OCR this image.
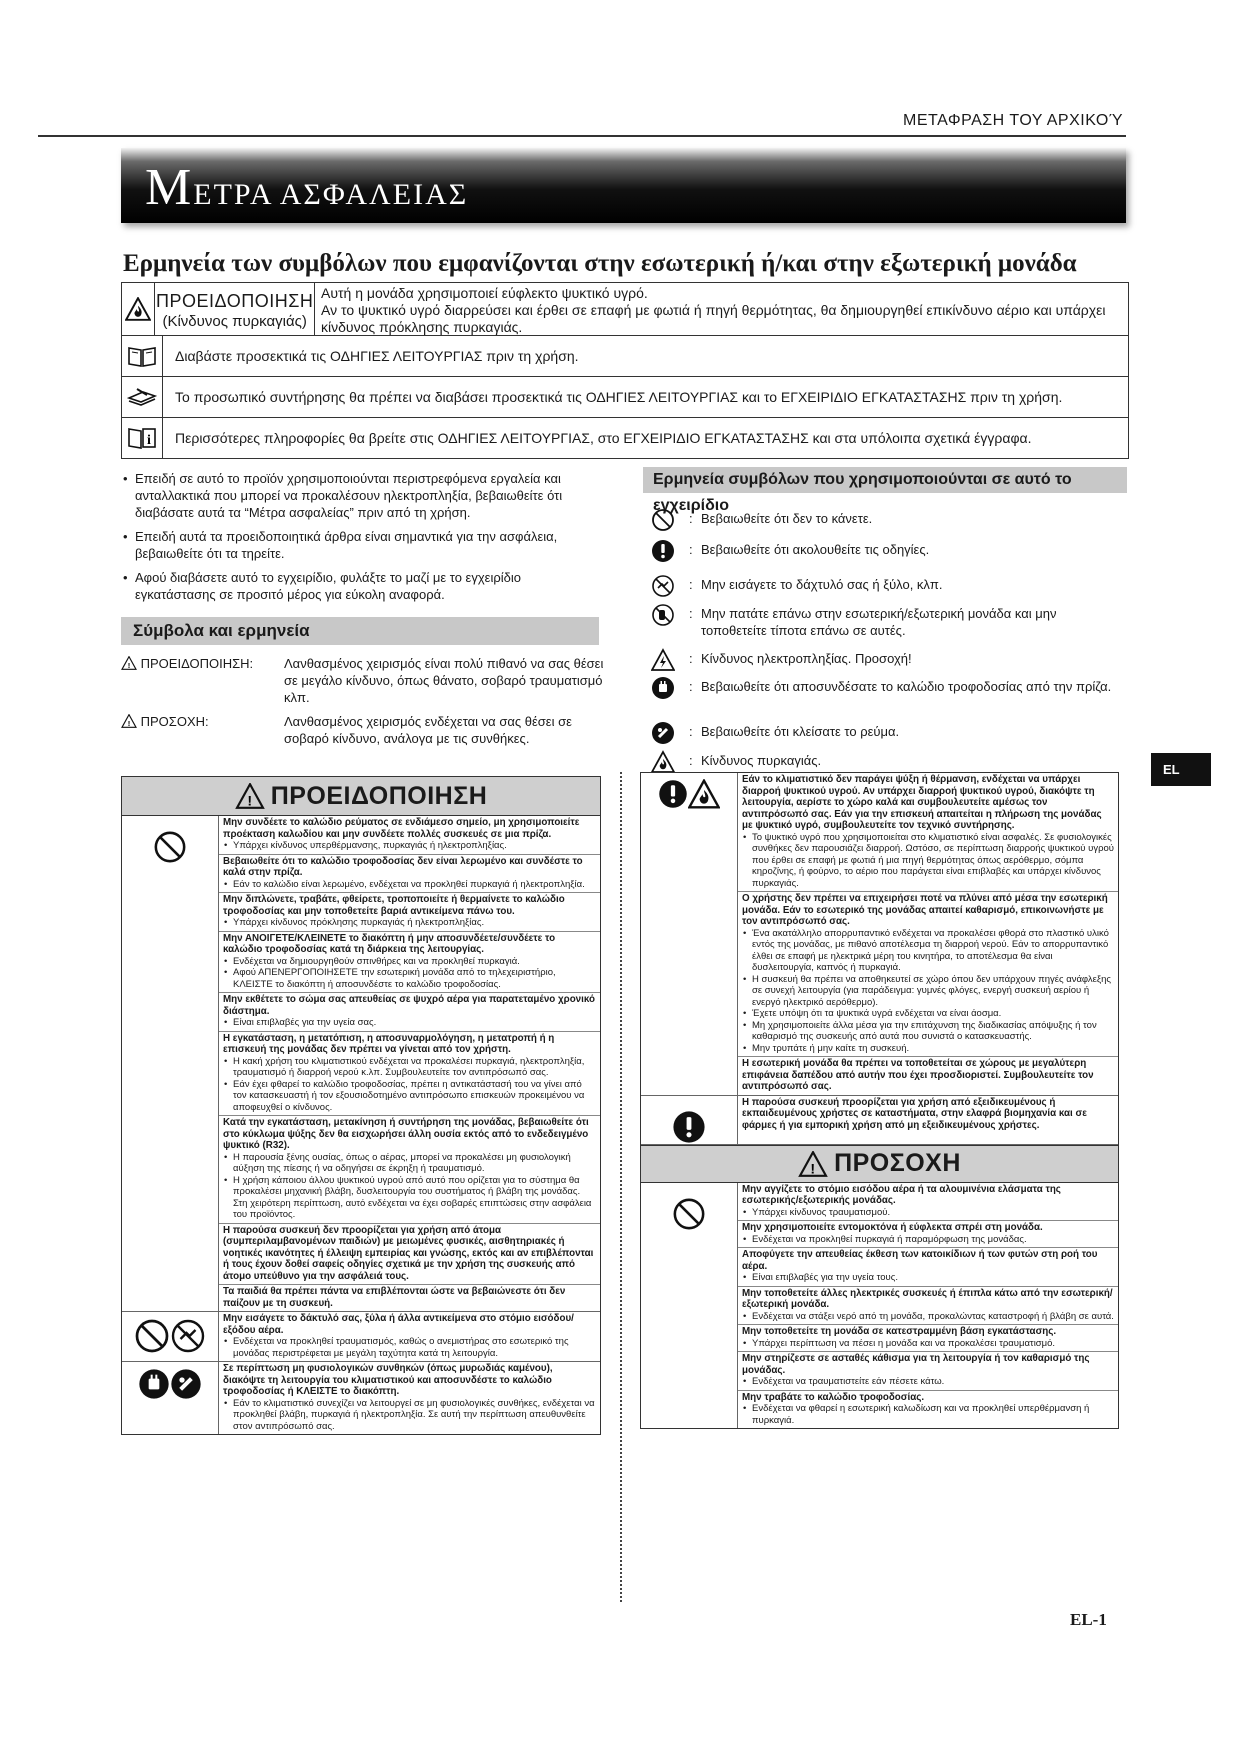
ΜΕΤΑΦΡΑΣΗ ΤΟΥ ΑΡΧΙΚΟΎ
ΜΕΤΡΑ ΑΣΦΑΛΕΙΑΣ
Ερμηνεία των συμβόλων που εμφανίζονται στην εσωτερική ή/και στην εξωτερική μονάδα
ΠΡΟΕΙΔΟΠΟΙΗΣΗ
(Κίνδυνος πυρκαγιάς)
Αυτή η μονάδα χρησιμοποιεί εύφλεκτο ψυκτικό υγρό.
Αν το ψυκτικό υγρό διαρρεύσει και έρθει σε επαφή με φωτιά ή πηγή θερμότητας, θα δημιουργηθεί επικίνδυνο αέριο και υπάρχει κίνδυνος πρόκλησης πυρκαγιάς.
Διαβάστε προσεκτικά τις ΟΔΗΓΙΕΣ ΛΕΙΤΟΥΡΓΙΑΣ πριν τη χρήση.
Το προσωπικό συντήρησης θα πρέπει να διαβάσει προσεκτικά τις ΟΔΗΓΙΕΣ ΛΕΙΤΟΥΡΓΙΑΣ και το ΕΓΧΕΙΡΙΔΙΟ ΕΓΚΑΤΑΣΤΑΣΗΣ πριν τη χρήση.
Περισσότερες πληροφορίες θα βρείτε στις ΟΔΗΓΙΕΣ ΛΕΙΤΟΥΡΓΙΑΣ, στο ΕΓΧΕΙΡΙΔΙΟ ΕΓΚΑΤΑΣΤΑΣΗΣ και στα υπόλοιπα σχετικά έγγραφα.
• Επειδή σε αυτό το προϊόν χρησιμοποιούνται περιστρεφόμενα εργαλεία και ανταλλακτικά που μπορεί να προκαλέσουν ηλεκτροπληξία, βεβαιωθείτε ότι διαβάσατε αυτά τα “Μέτρα ασφαλείας” πριν από τη χρήση.
• Επειδή αυτά τα προειδοποιητικά άρθρα είναι σημαντικά για την ασφάλεια, βεβαιωθείτε ότι τα τηρείτε.
• Αφού διαβάσετε αυτό το εγχειρίδιο, φυλάξτε το μαζί με το εγχειρίδιο εγκατάστασης σε προσιτό μέρος για εύκολη αναφορά.
Σύμβολα και ερμηνεία
ΠΡΟΕΙΔΟΠΟΙΗΣΗ:	Λανθασμένος χειρισμός είναι πολύ πιθανό να σας θέσει σε μεγάλο κίνδυνο, όπως θάνατο, σοβαρό τραυματισμό κλπ.
ΠΡΟΣΟΧΗ:	Λανθασμένος χειρισμός ενδέχεται να σας θέσει σε σοβαρό κίνδυνο, ανάλογα με τις συνθήκες.
Ερμηνεία συμβόλων που χρησιμοποιούνται σε αυτό το εγχειρίδιο
: Βεβαιωθείτε ότι δεν το κάνετε.
: Βεβαιωθείτε ότι ακολουθείτε τις οδηγίες.
: Μην εισάγετε το δάχτυλό σας ή ξύλο, κλπ.
: Μην πατάτε επάνω στην εσωτερική/εξωτερική μονάδα και μην τοποθετείτε τίποτα επάνω σε αυτές.
: Κίνδυνος ηλεκτροπληξίας. Προσοχή!
: Βεβαιωθείτε ότι αποσυνδέσατε το καλώδιο τροφοδοσίας από την πρίζα.
: Βεβαιωθείτε ότι κλείσατε το ρεύμα.
: Κίνδυνος πυρκαγιάς.
EL
ΠΡΟΕΙΔΟΠΟΙΗΣΗ
Μην συνδέετε το καλώδιο ρεύματος σε ενδιάμεσο σημείο, μη χρησιμοποιείτε προέκταση καλωδίου και μην συνδέετε πολλές συσκευές σε μια πρίζα.
• Υπάρχει κίνδυνος υπερθέρμανσης, πυρκαγιάς ή ηλεκτροπληξίας.
Βεβαιωθείτε ότι το καλώδιο τροφοδοσίας δεν είναι λερωμένο και συνδέστε το καλά στην πρίζα.
• Εάν το καλώδιο είναι λερωμένο, ενδέχεται να προκληθεί πυρκαγιά ή ηλεκτροπληξία.
Μην διπλώνετε, τραβάτε, φθείρετε, τροποποιείτε ή θερμαίνετε το καλώδιο τροφοδοσίας και μην τοποθετείτε βαριά αντικείμενα πάνω του.
• Υπάρχει κίνδυνος πρόκλησης πυρκαγιάς ή ηλεκτροπληξίας.
Μην ΑΝΟΙΓΕΤΕ/ΚΛΕΙΝΕΤΕ το διακόπτη ή μην αποσυνδέετε/συνδέετε το καλώδιο τροφοδοσίας κατά τη διάρκεια της λειτουργίας.
• Ενδέχεται να δημιουργηθούν σπινθήρες και να προκληθεί πυρκαγιά.
• Αφού ΑΠΕΝΕΡΓΟΠΟΙΗΣΕΤΕ την εσωτερική μονάδα από το τηλεχειριστήριο, ΚΛΕΙΣΤΕ το διακόπτη ή αποσυνδέστε το καλώδιο τροφοδοσίας.
Μην εκθέτετε το σώμα σας απευθείας σε ψυχρό αέρα για παρατεταμένο χρονικό διάστημα.
• Είναι επιβλαβές για την υγεία σας.
Η εγκατάσταση, η μετατόπιση, η αποσυναρμολόγηση, η μετατροπή ή η επισκευή της μονάδας δεν πρέπει να γίνεται από τον χρήστη.
• Η κακή χρήση του κλιματιστικού ενδέχεται να προκαλέσει πυρκαγιά, ηλεκτροπληξία, τραυματισμό ή διαρροή νερού κ.λπ. Συμβουλευτείτε τον αντιπρόσωπό σας.
• Εάν έχει φθαρεί το καλώδιο τροφοδοσίας, πρέπει η αντικατάστασή του να γίνει από τον κατασκευαστή ή τον εξουσιοδοτημένο αντιπρόσωπο επισκευών προκειμένου να αποφευχθεί ο κίνδυνος.
Κατά την εγκατάσταση, μετακίνηση ή συντήρηση της μονάδας, βεβαιωθείτε ότι στο κύκλωμα ψύξης δεν θα εισχωρήσει άλλη ουσία εκτός από το ενδεδειγμένο ψυκτικό (R32).
• Η παρουσία ξένης ουσίας, όπως ο αέρας, μπορεί να προκαλέσει μη φυσιολογική αύξηση της πίεσης ή να οδηγήσει σε έκρηξη ή τραυματισμό.
• Η χρήση κάποιου άλλου ψυκτικού υγρού από αυτό που ορίζεται για το σύστημα θα προκαλέσει μηχανική βλάβη, δυσλειτουργία του συστήματος ή βλάβη της μονάδας. Στη χειρότερη περίπτωση, αυτό ενδέχεται να έχει σοβαρές επιπτώσεις στην ασφάλεια του προϊόντος.
Η παρούσα συσκευή δεν προορίζεται για χρήση από άτομα (συμπεριλαμβανομένων παιδιών) με μειωμένες φυσικές, αισθητηριακές ή νοητικές ικανότητες ή έλλειψη εμπειρίας και γνώσης, εκτός και αν επιβλέπονται ή τους έχουν δοθεί σαφείς οδηγίες σχετικά με την χρήση της συσκευής από άτομο υπεύθυνο για την ασφάλειά τους.
Τα παιδιά θα πρέπει πάντα να επιβλέπονται ώστε να βεβαιώνεστε ότι δεν παίζουν με τη συσκευή.
Μην εισάγετε το δάκτυλό σας, ξύλα ή άλλα αντικείμενα στο στόμιο εισόδου/εξόδου αέρα.
• Ενδέχεται να προκληθεί τραυματισμός, καθώς ο ανεμιστήρας στο εσωτερικό της μονάδας περιστρέφεται με μεγάλη ταχύτητα κατά τη λειτουργία.
Σε περίπτωση μη φυσιολογικών συνθηκών (όπως μυρωδιάς καμένου), διακόψτε τη λειτουργία του κλιματιστικού και αποσυνδέστε το καλώδιο τροφοδοσίας ή ΚΛΕΙΣΤΕ το διακόπτη.
• Εάν το κλιματιστικό συνεχίζει να λειτουργεί σε μη φυσιολογικές συνθήκες, ενδέχεται να προκληθεί βλάβη, πυρκαγιά ή ηλεκτροπληξία. Σε αυτή την περίπτωση απευθυνθείτε στον αντιπρόσωπό σας.
Εάν το κλιματιστικό δεν παράγει ψύξη ή θέρμανση, ενδέχεται να υπάρχει διαρροή ψυκτικού υγρού. Αν υπάρχει διαρροή ψυκτικού υγρού, διακόψτε τη λειτουργία, αερίστε το χώρο καλά και συμβουλευτείτε αμέσως τον αντιπρόσωπό σας. Εάν για την επισκευή απαιτείται η πλήρωση της μονάδας με ψυκτικό υγρό, συμβουλευτείτε τον τεχνικό συντήρησης.
• Το ψυκτικό υγρό που χρησιμοποιείται στο κλιματιστικό είναι ασφαλές. Σε φυσιολογικές συνθήκες δεν παρουσιάζει διαρροή. Ωστόσο, σε περίπτωση διαρροής ψυκτικού υγρού που έρθει σε επαφή με φωτιά ή μια πηγή θερμότητας όπως αερόθερμο, σόμπα κηροζίνης, ή φούρνο, το αέριο που παράγεται είναι επιβλαβές και υπάρχει κίνδυνος πυρκαγιάς.
Ο χρήστης δεν πρέπει να επιχειρήσει ποτέ να πλύνει από μέσα την εσωτερική μονάδα. Εάν το εσωτερικό της μονάδας απαιτεί καθαρισμό, επικοινωνήστε με τον αντιπρόσωπό σας.
• Ένα ακατάλληλο απορρυπαντικό ενδέχεται να προκαλέσει φθορά στο πλαστικό υλικό εντός της μονάδας, με πιθανό αποτέλεσμα τη διαρροή νερού. Εάν το απορρυπαντικό έλθει σε επαφή με ηλεκτρικά μέρη του κινητήρα, το αποτέλεσμα θα είναι δυσλειτουργία, καπνός ή πυρκαγιά.
• Η συσκευή θα πρέπει να αποθηκευτεί σε χώρο όπου δεν υπάρχουν πηγές ανάφλεξης σε συνεχή λειτουργία (για παράδειγμα: γυμνές φλόγες, ενεργή συσκευή αερίου ή ενεργό ηλεκτρικό αερόθερμο).
• Έχετε υπόψη ότι τα ψυκτικά υγρά ενδέχεται να είναι άοσμα.
• Μη χρησιμοποιείτε άλλα μέσα για την επιτάχυνση της διαδικασίας απόψυξης ή τον καθαρισμό της συσκευής από αυτά που συνιστά ο κατασκευαστής.
• Μην τρυπάτε ή μην καίτε τη συσκευή.
Η εσωτερική μονάδα θα πρέπει να τοποθετείται σε χώρους με μεγαλύτερη επιφάνεια δαπέδου από αυτήν που έχει προσδιοριστεί. Συμβουλευτείτε τον αντιπρόσωπό σας.
Η παρούσα συσκευή προορίζεται για χρήση από εξειδικευμένους ή εκπαιδευμένους χρήστες σε καταστήματα, στην ελαφρά βιομηχανία και σε φάρμες ή για εμπορική χρήση από μη εξειδικευμένους χρήστες.
ΠΡΟΣΟΧΗ
Μην αγγίζετε το στόμιο εισόδου αέρα ή τα αλουμινένια ελάσματα της εσωτερικής/εξωτερικής μονάδας.
• Υπάρχει κίνδυνος τραυματισμού.
Μην χρησιμοποιείτε εντομοκτόνα ή εύφλεκτα σπρέι στη μονάδα.
• Ενδέχεται να προκληθεί πυρκαγιά ή παραμόρφωση της μονάδας.
Αποφύγετε την απευθείας έκθεση των κατοικίδιων ή των φυτών στη ροή του αέρα.
• Είναι επιβλαβές για την υγεία τους.
Μην τοποθετείτε άλλες ηλεκτρικές συσκευές ή έπιπλα κάτω από την εσωτερική/εξωτερική μονάδα.
• Ενδέχεται να στάξει νερό από τη μονάδα, προκαλώντας καταστροφή ή βλάβη σε αυτά.
Μην τοποθετείτε τη μονάδα σε κατεστραμμένη βάση εγκατάστασης.
• Υπάρχει περίπτωση να πέσει η μονάδα και να προκαλέσει τραυματισμό.
Μην στηρίζεστε σε ασταθές κάθισμα για τη λειτουργία ή τον καθαρισμό της μονάδας.
• Ενδέχεται να τραυματιστείτε εάν πέσετε κάτω.
Μην τραβάτε το καλώδιο τροφοδοσίας.
• Ενδέχεται να φθαρεί η εσωτερική καλωδίωση και να προκληθεί υπερθέρμανση ή πυρκαγιά.
EL-1
